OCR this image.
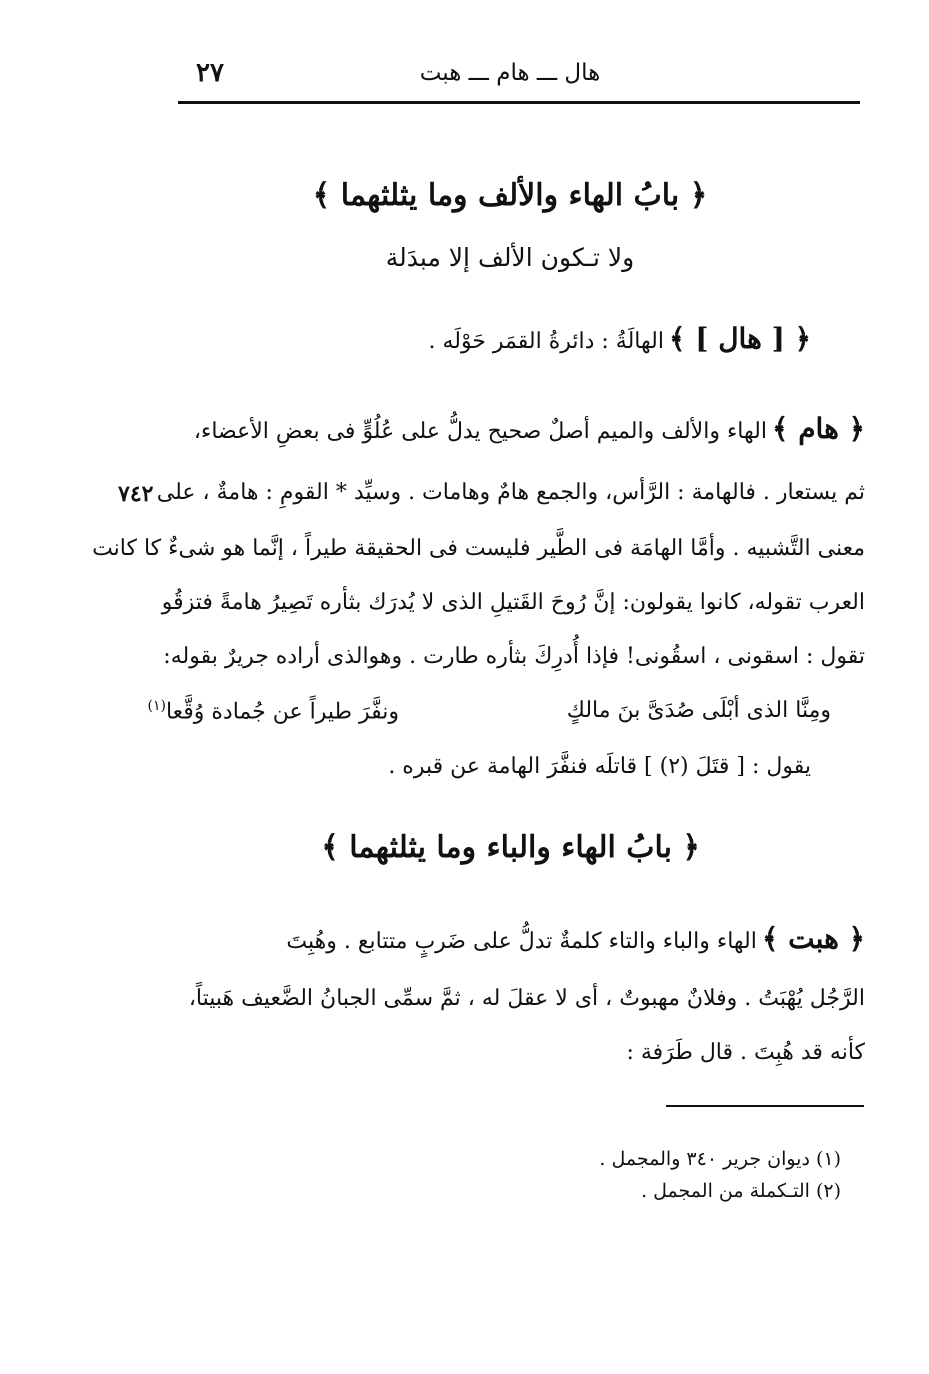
هال ـــ هام ـــ هبت
٢٧
﴿ بابُ الهاء والألف وما يثلثهما ﴾
ولا تـكون الألف إلا مبدَلة
﴿ [ هال ] ﴾ الهالَةُ : دائرةُ القمَر حَوْلَه .
﴿ هام ﴾ الهاء والألف والميم أصلٌ صحيح يدلُّ على عُلُوٍّ فى بعضِ الأعضاء،
ثم يستعار . فالهامة : الرَّأس، والجمع هامٌ وهامات . وسيِّد * القومِ : هامةٌ ، على
٧٤٢
معنى التَّشبيه . وأمَّا الهامَة فى الطَّير فليست فى الحقيقة طيراً ، إنَّما هو شىءٌ كا كانت
العرب تقوله، كانوا يقولون: إنَّ رُوحَ القَتيلِ الذى لا يُدرَك بثأره تَصِيرُ هامةً فتزقُو
تقول : اسقونى ، اسقُونى! فإذا أُدرِكَ بثأره طارت . وهوالذى أراده جريرٌ بقوله:
ومِنَّا الذى أبْلَى صُدَىَّ بنَ مالكٍ
ونفَّرَ طيراً عن جُمادة وُقَّعا$^{(١)}$
يقول : [ قتَلَ (٢) ] قاتلَه فنفَّرَ الهامة عن قبره .
﴿ بابُ الهاء والباء وما يثلثهما ﴾
﴿ هبت ﴾ الهاء والباء والتاء كلمةٌ تدلُّ على ضَربٍ متتابع . وهُبِتَ
الرَّجُل يُهْبَتُ . وفلانٌ مهبوتٌ ، أى لا عقلَ له ، ثمَّ سمِّى الجبانُ الضَّعيف هَبيتاً،
كأنه قد هُبِتَ . قال طَرَفة :
(١) ديوان جرير ٣٤٠ والمجمل .
(٢) التـكملة من المجمل .
